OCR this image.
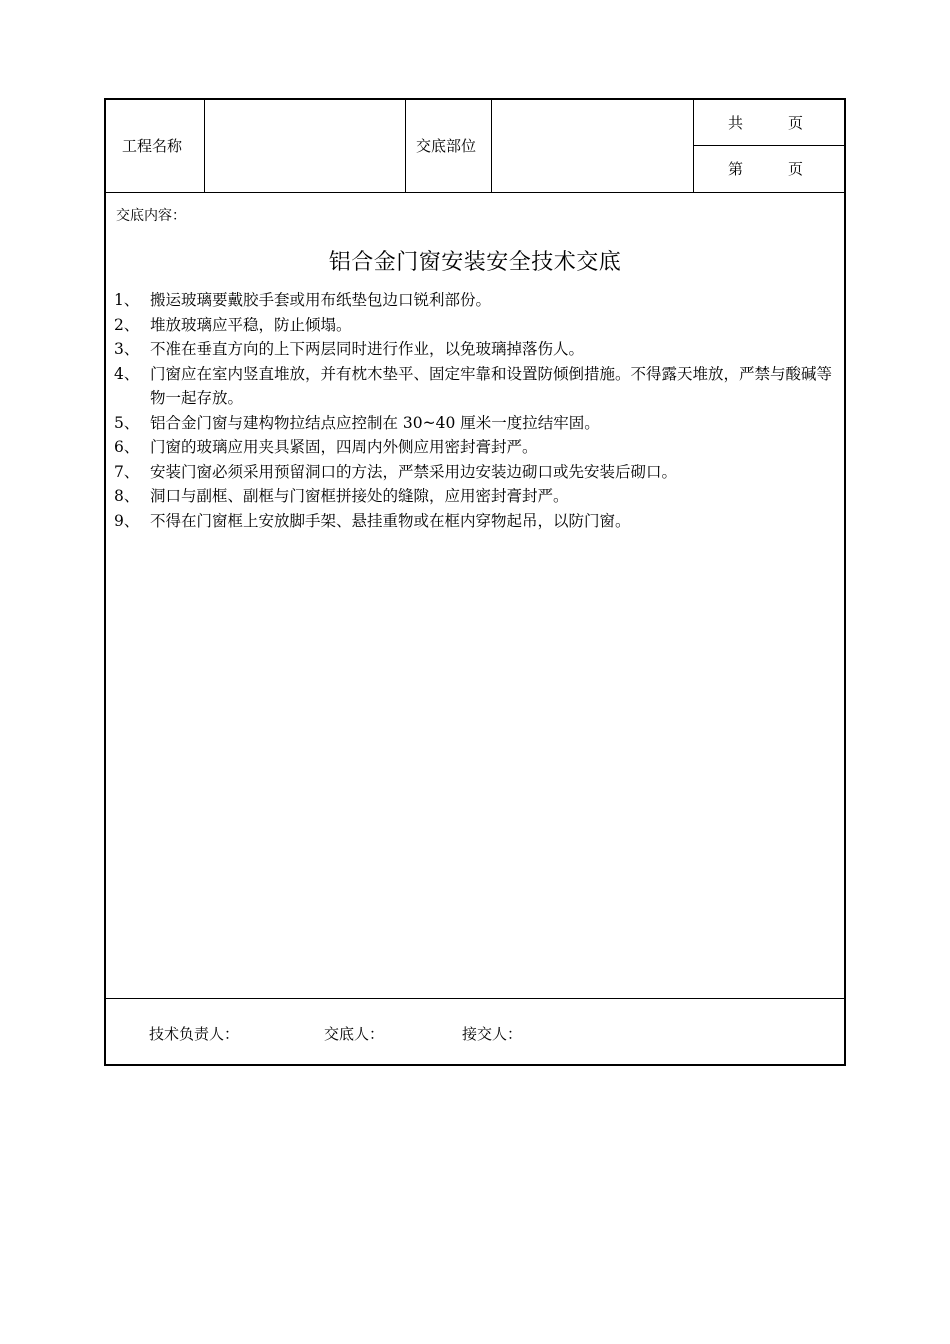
工程名称	交底部位
共　　　页
第　　　页
交底内容：
铝合金门窗安装安全技术交底
1、 搬运玻璃要戴胶手套或用布纸垫包边口锐利部份。
2、 堆放玻璃应平稳，防止倾塌。
3、 不准在垂直方向的上下两层同时进行作业，以免玻璃掉落伤人。
4、 门窗应在室内竖直堆放，并有枕木垫平、固定牢靠和设置防倾倒措施。不得露天堆放，严禁与酸碱等物一起存放。
5、 铝合金门窗与建构物拉结点应控制在 30~40 厘米一度拉结牢固。
6、 门窗的玻璃应用夹具紧固，四周内外侧应用密封膏封严。
7、 安装门窗必须采用预留洞口的方法，严禁采用边安装边砌口或先安装后砌口。
8、 洞口与副框、副框与门窗框拼接处的缝隙，应用密封膏封严。
9、 不得在门窗框上安放脚手架、悬挂重物或在框内穿物起吊，以防门窗。
技术负责人：	交底人：	接交人：
